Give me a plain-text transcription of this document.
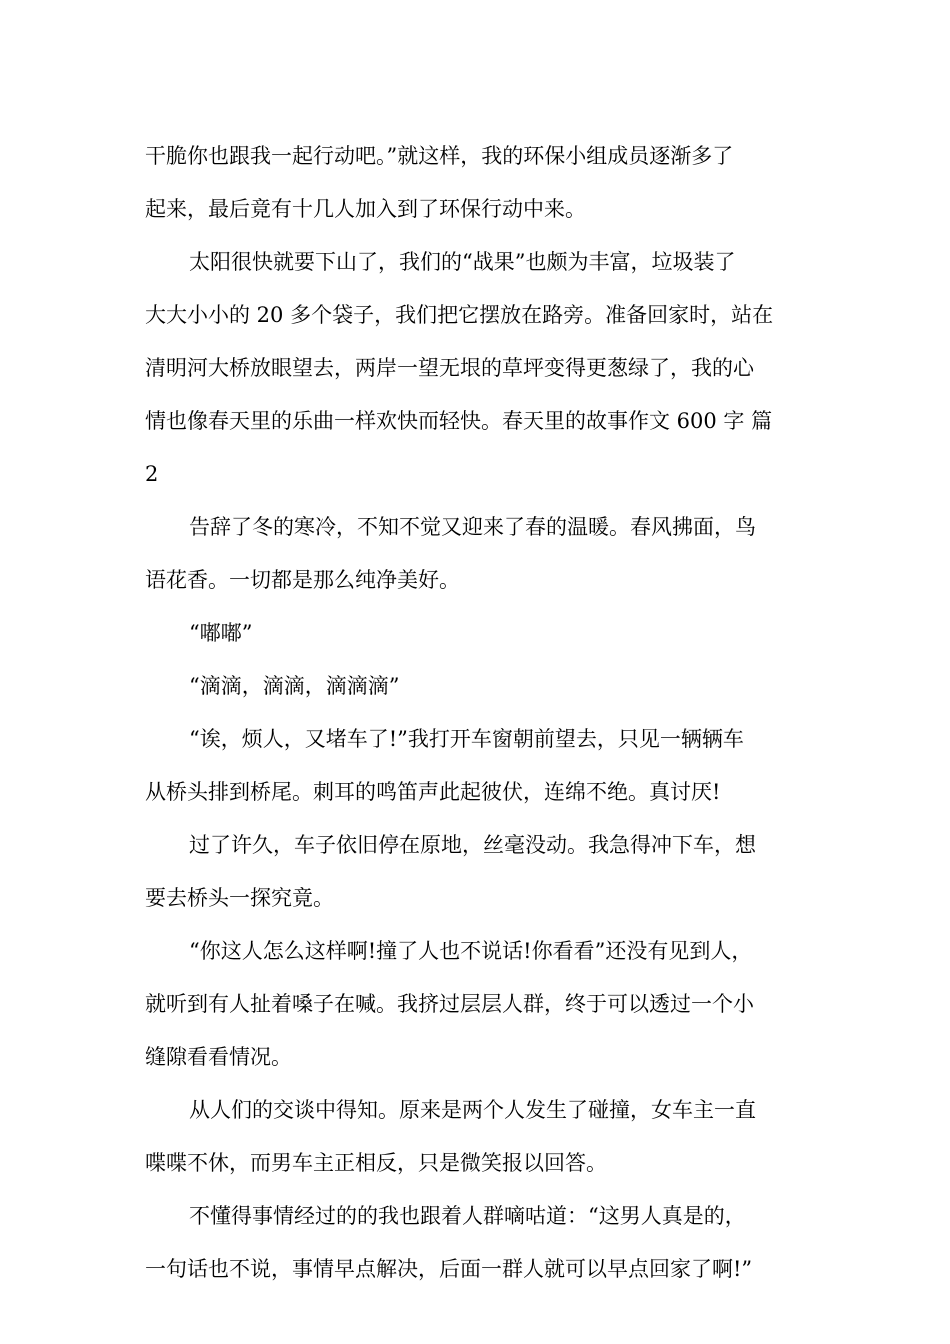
干脆你也跟我一起行动吧。”就这样，我的环保小组成员逐渐多了
起来，最后竟有十几人加入到了环保行动中来。
太阳很快就要下山了，我们的“战果”也颇为丰富，垃圾装了
大大小小的 20 多个袋子，我们把它摆放在路旁。准备回家时，站在
清明河大桥放眼望去，两岸一望无垠的草坪变得更葱绿了，我的心
情也像春天里的乐曲一样欢快而轻快。春天里的故事作文 600 字 篇
2
告辞了冬的寒冷，不知不觉又迎来了春的温暖。春风拂面，鸟
语花香。一切都是那么纯净美好。
“嘟嘟”
“滴滴，滴滴，滴滴滴”
“诶，烦人，又堵车了!”我打开车窗朝前望去，只见一辆辆车
从桥头排到桥尾。刺耳的鸣笛声此起彼伏，连绵不绝。真讨厌!
过了许久，车子依旧停在原地，丝毫没动。我急得冲下车，想
要去桥头一探究竟。
“你这人怎么这样啊!撞了人也不说话!你看看”还没有见到人，
就听到有人扯着嗓子在喊。我挤过层层人群，终于可以透过一个小
缝隙看看情况。
从人们的交谈中得知。原来是两个人发生了碰撞，女车主一直
喋喋不休，而男车主正相反，只是微笑报以回答。
不懂得事情经过的的我也跟着人群嘀咕道：“这男人真是的，
一句话也不说，事情早点解决，后面一群人就可以早点回家了啊!”
